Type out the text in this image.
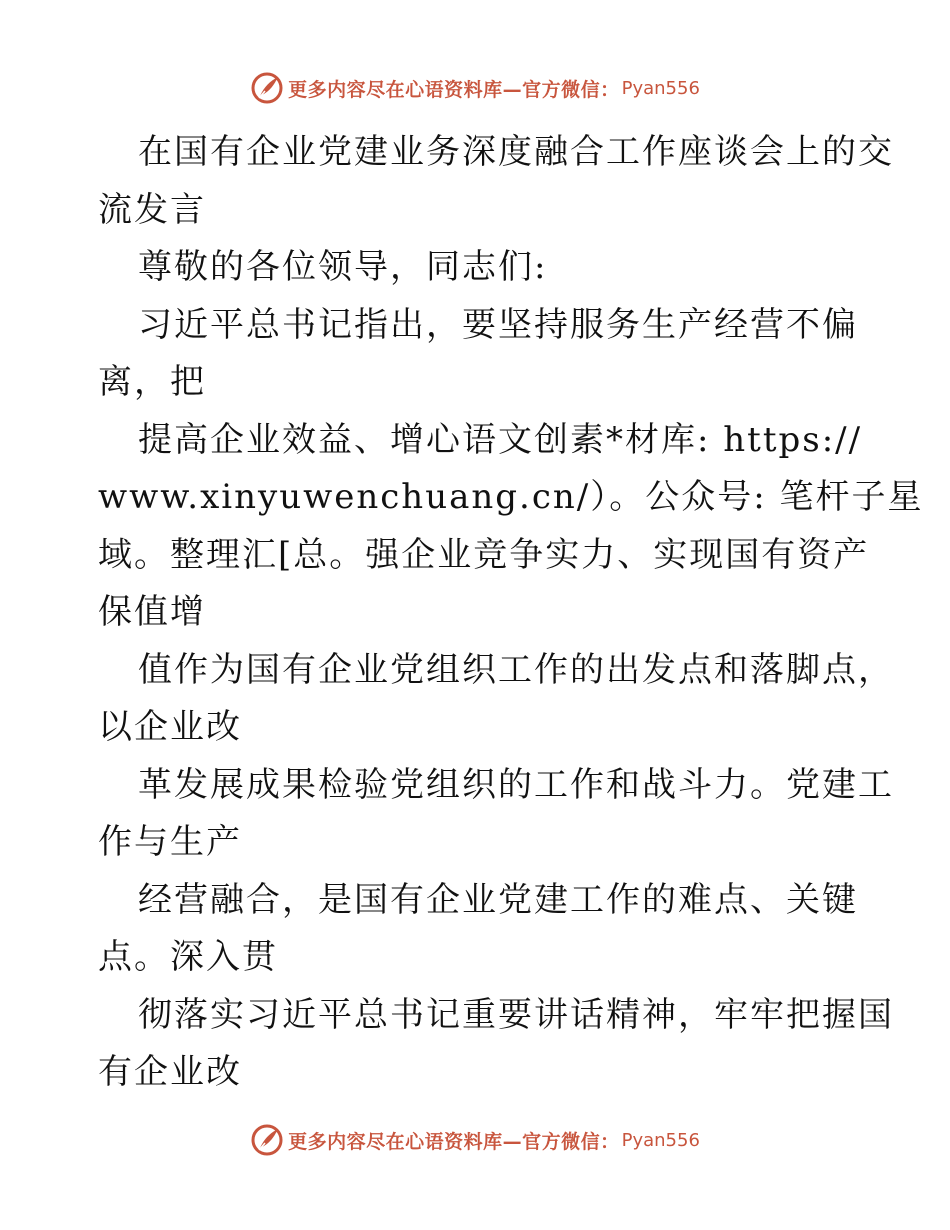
更多内容尽在心语资料库—官方微信： Pyan556
在国有企业党建业务深度融合工作座谈会上的交
流发言
尊敬的各位领导，同志们:
习近平总书记指出，要坚持服务生产经营不偏
离，把
提高企业效益、增心语文创素*材库: https://
www.xinyuwenchuang.cn/）。公众号: 笔杆子星
域。整理汇[总。强企业竞争实力、实现国有资产
保值增
值作为国有企业党组织工作的出发点和落脚点，
以企业改
革发展成果检验党组织的工作和战斗力。党建工
作与生产
经营融合，是国有企业党建工作的难点、关键
点。深入贯
彻落实习近平总书记重要讲话精神，牢牢把握国
有企业改
更多内容尽在心语资料库—官方微信： Pyan556
